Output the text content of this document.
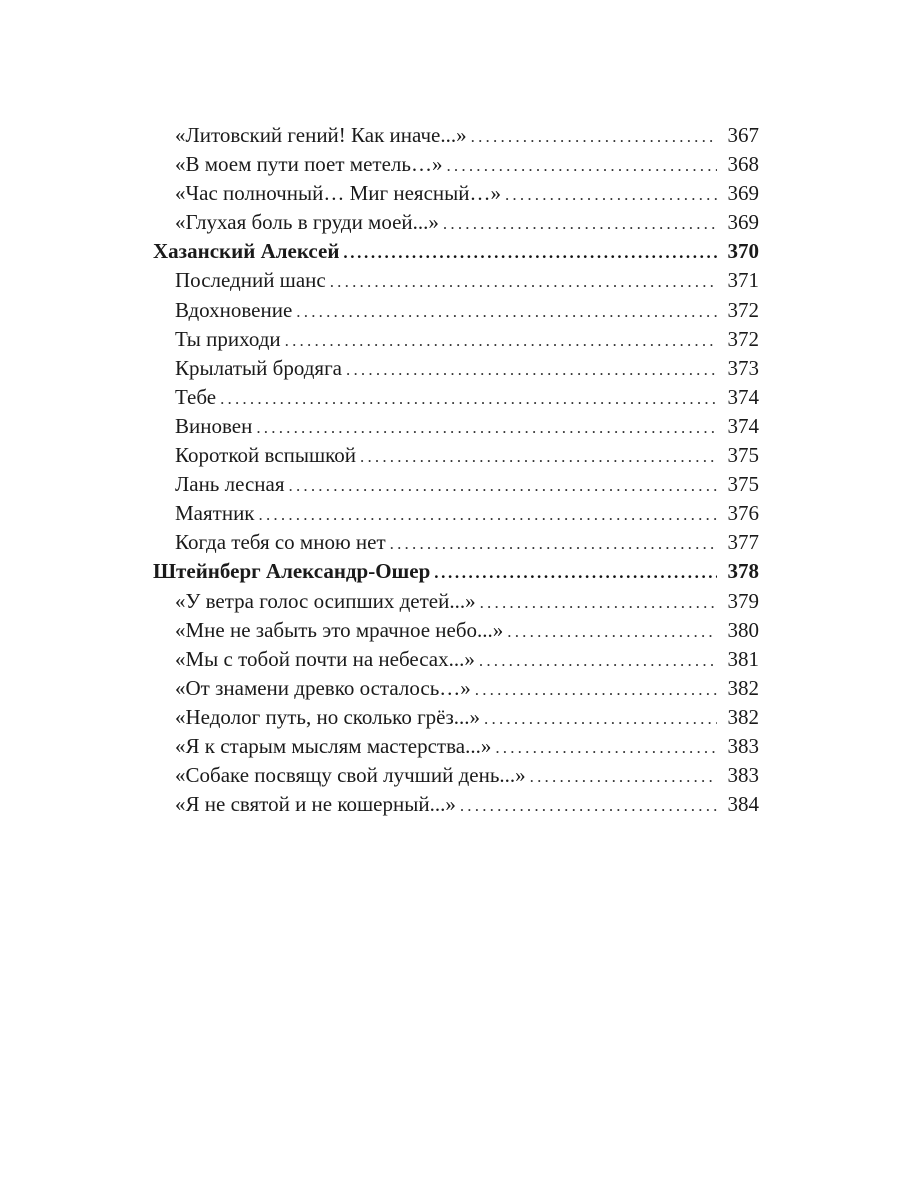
«Литовский гений! Как иначе...» .....	367
«В моем пути поет метель…» .....	368
«Час полночный… Миг неясный…» .....	369
«Глухая боль в груди моей...» .....	369
Хазанский Алексей .....	370
Последний шанс .....	371
Вдохновение .....	372
Ты приходи .....	372
Крылатый бродяга .....	373
Тебе .....	374
Виновен .....	374
Короткой вспышкой .....	375
Лань лесная .....	375
Маятник .....	376
Когда тебя со мною нет .....	377
Штейнберг Александр-Ошер .....	378
«У ветра голос осипших детей...» .....	379
«Мне не забыть это мрачное небо...» .....	380
«Мы с тобой почти на небесах...» .....	381
«От знамени древко осталось…» .....	382
«Недолог путь, но сколько грёз...» .....	382
«Я к старым мыслям мастерства...» .....	383
«Собаке посвящу свой лучший день...» .....	383
«Я не святой и не кошерный...» .....	384
